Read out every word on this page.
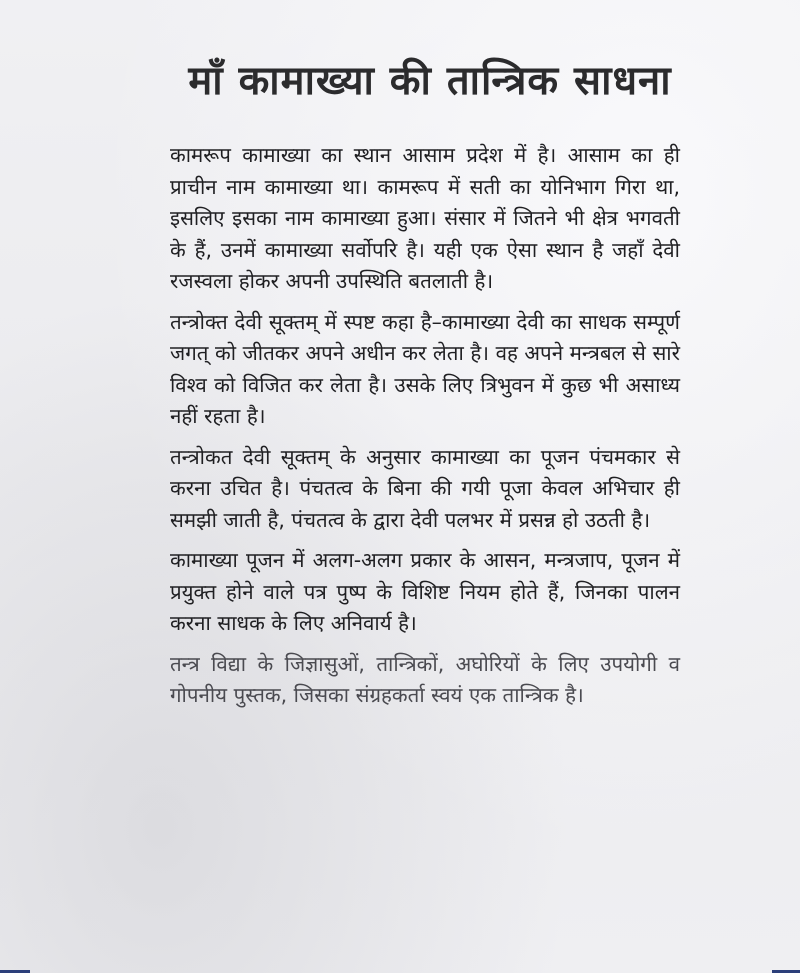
माँ कामाख्या की तान्त्रिक साधना

कामरूप कामाख्या का स्थान आसाम प्रदेश में है। आसाम का ही प्राचीन नाम कामाख्या था। कामरूप में सती का योनिभाग गिरा था, इसलिए इसका नाम कामाख्या हुआ। संसार में जितने भी क्षेत्र भगवती के हैं, उनमें कामाख्या सर्वोपरि है। यही एक ऐसा स्थान है जहाँ देवी रजस्वला होकर अपनी उपस्थिति बतलाती है।

तन्त्रोक्त देवी सूक्तम् में स्पष्ट कहा है–कामाख्या देवी का साधक सम्पूर्ण जगत् को जीतकर अपने अधीन कर लेता है। वह अपने मन्त्रबल से सारे विश्व को विजित कर लेता है। उसके लिए त्रिभुवन में कुछ भी असाध्य नहीं रहता है।

तन्त्रोकत देवी सूक्तम् के अनुसार कामाख्या का पूजन पंचमकार से करना उचित है। पंचतत्व के बिना की गयी पूजा केवल अभिचार ही समझी जाती है, पंचतत्व के द्वारा देवी पलभर में प्रसन्न हो उठती है।

कामाख्या पूजन में अलग-अलग प्रकार के आसन, मन्त्रजाप, पूजन में प्रयुक्त होने वाले पत्र पुष्प के विशिष्ट नियम होते हैं, जिनका पालन करना साधक के लिए अनिवार्य है।

तन्त्र विद्या के जिज्ञासुओं, तान्त्रिकों, अघोरियों के लिए उपयोगी व गोपनीय पुस्तक, जिसका संग्रहकर्ता स्वयं एक तान्त्रिक है।
